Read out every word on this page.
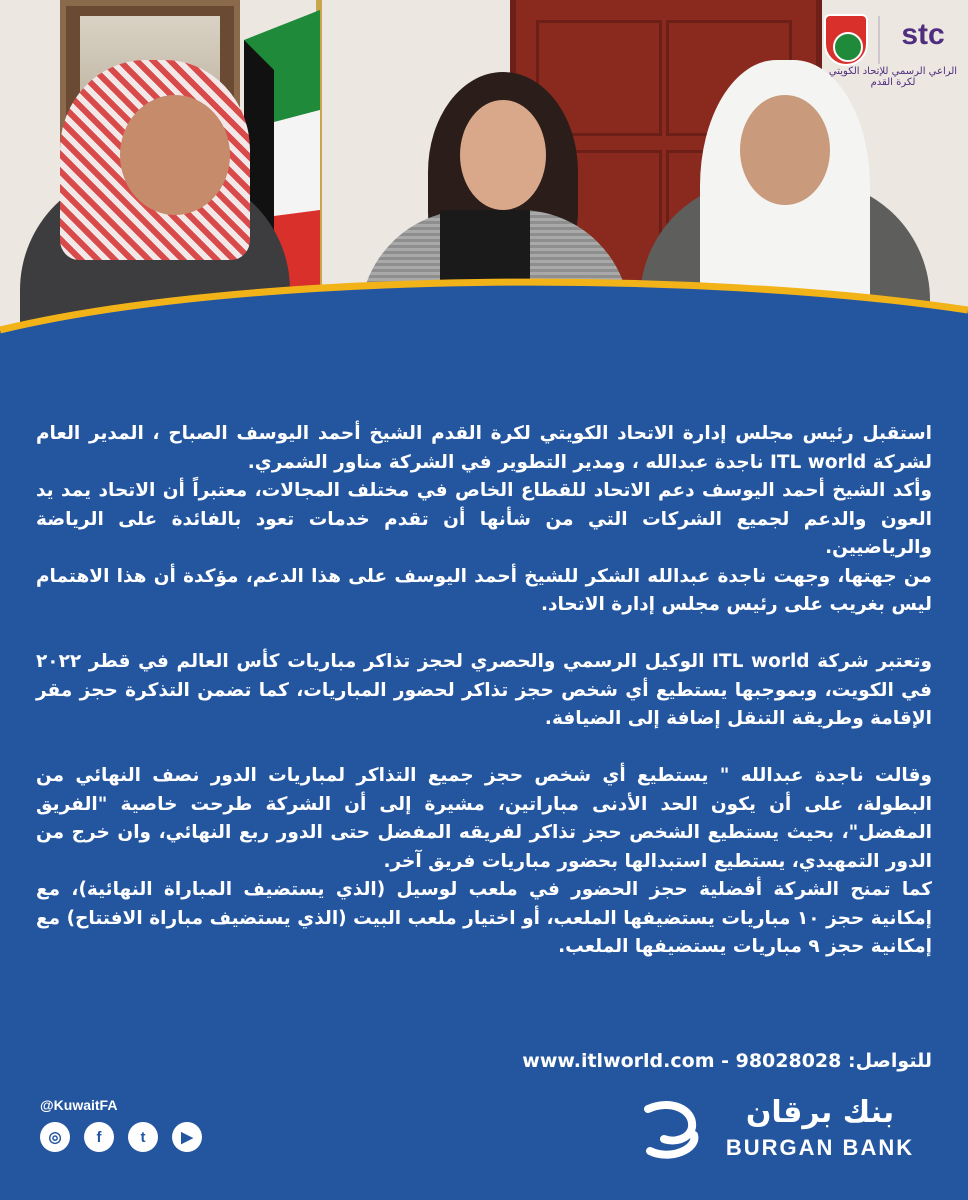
stc
الراعي الرسمي للإتحاد الكويتي لكرة القدم

استقبل رئيس مجلس إدارة الاتحاد الكويتي لكرة القدم الشيخ أحمد اليوسف الصباح ، المدير العام لشركة ITL world ناجدة عبدالله ، ومدير التطوير في الشركة مناور الشمري.

وأكد الشيخ أحمد اليوسف دعم الاتحاد للقطاع الخاص في مختلف المجالات، معتبراً أن الاتحاد يمد يد العون والدعم لجميع الشركات التي من شأنها أن تقدم خدمات تعود بالفائدة على الرياضة والرياضيين.

من جهتها، وجهت ناجدة عبدالله الشكر للشيخ أحمد اليوسف على هذا الدعم، مؤكدة أن هذا الاهتمام ليس بغريب على رئيس مجلس إدارة الاتحاد.

وتعتبر شركة ITL world الوكيل الرسمي والحصري لحجز تذاكر مباريات كأس العالم في قطر ٢٠٢٢ في الكويت، وبموجبها يستطيع أي شخص حجز تذاكر لحضور المباريات، كما تضمن التذكرة حجز مقر الإقامة وطريقة التنقل إضافة إلى الضيافة.

وقالت ناجدة عبدالله " يستطيع أي شخص حجز جميع التذاكر لمباريات الدور نصف النهائي من البطولة، على أن يكون الحد الأدنى مباراتين، مشيرة إلى أن الشركة طرحت خاصية "الفريق المفضل"، بحيث يستطيع الشخص حجز تذاكر لفريقه المفضل حتى الدور ربع النهائي، وان خرج من الدور التمهيدي، يستطيع استبدالها بحضور مباريات فريق آخر.

كما تمنح الشركة أفضلية حجز الحضور في ملعب لوسيل (الذي يستضيف المباراة النهائية)، مع إمكانية حجز ١٠ مباريات يستضيفها الملعب، أو اختيار ملعب البيت (الذي يستضيف مباراة الافتتاح) مع إمكانية حجز ٩ مباريات يستضيفها الملعب.

للتواصل: www.itlworld.com - 98028028
@KuwaitFA
◎	f	t	▶
بنك برقان
BURGAN BANK
